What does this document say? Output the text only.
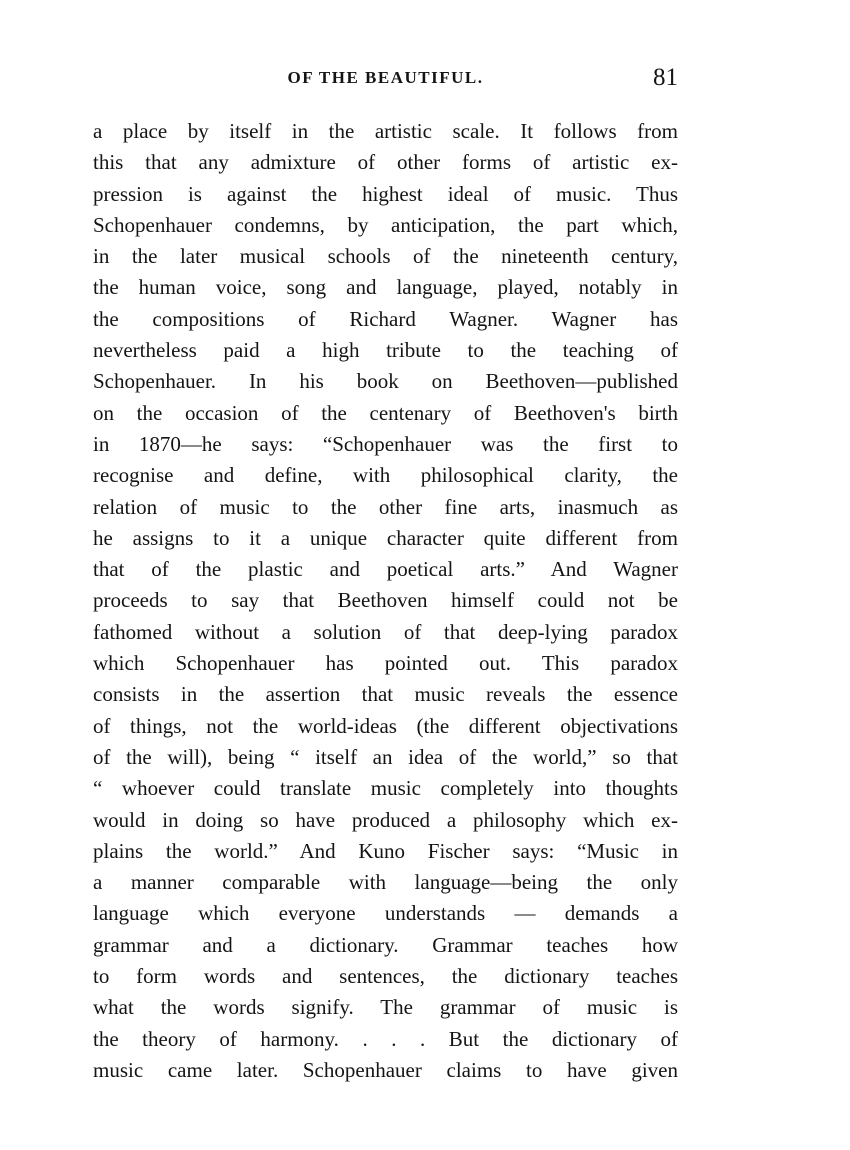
OF THE BEAUTIFUL.	81
a place by itself in the artistic scale. It follows from
this that any admixture of other forms of artistic ex-
pression is against the highest ideal of music. Thus
Schopenhauer condemns, by anticipation, the part which,
in the later musical schools of the nineteenth century,
the human voice, song and language, played, notably in
the compositions of Richard Wagner. Wagner has
nevertheless paid a high tribute to the teaching of
Schopenhauer. In his book on Beethoven—published
on the occasion of the centenary of Beethoven's birth
in 1870—he says: “Schopenhauer was the first to
recognise and define, with philosophical clarity, the
relation of music to the other fine arts, inasmuch as
he assigns to it a unique character quite different from
that of the plastic and poetical arts.” And Wagner
proceeds to say that Beethoven himself could not be
fathomed without a solution of that deep-lying paradox
which Schopenhauer has pointed out. This paradox
consists in the assertion that music reveals the essence
of things, not the world-ideas (the different objectivations
of the will), being “ itself an idea of the world,” so that
“ whoever could translate music completely into thoughts
would in doing so have produced a philosophy which ex-
plains the world.” And Kuno Fischer says: “Music in
a manner comparable with language—being the only
language which everyone understands — demands a
grammar and a dictionary. Grammar teaches how
to form words and sentences, the dictionary teaches
what the words signify. The grammar of music is
the theory of harmony. . . . But the dictionary of
music came later. Schopenhauer claims to have given
